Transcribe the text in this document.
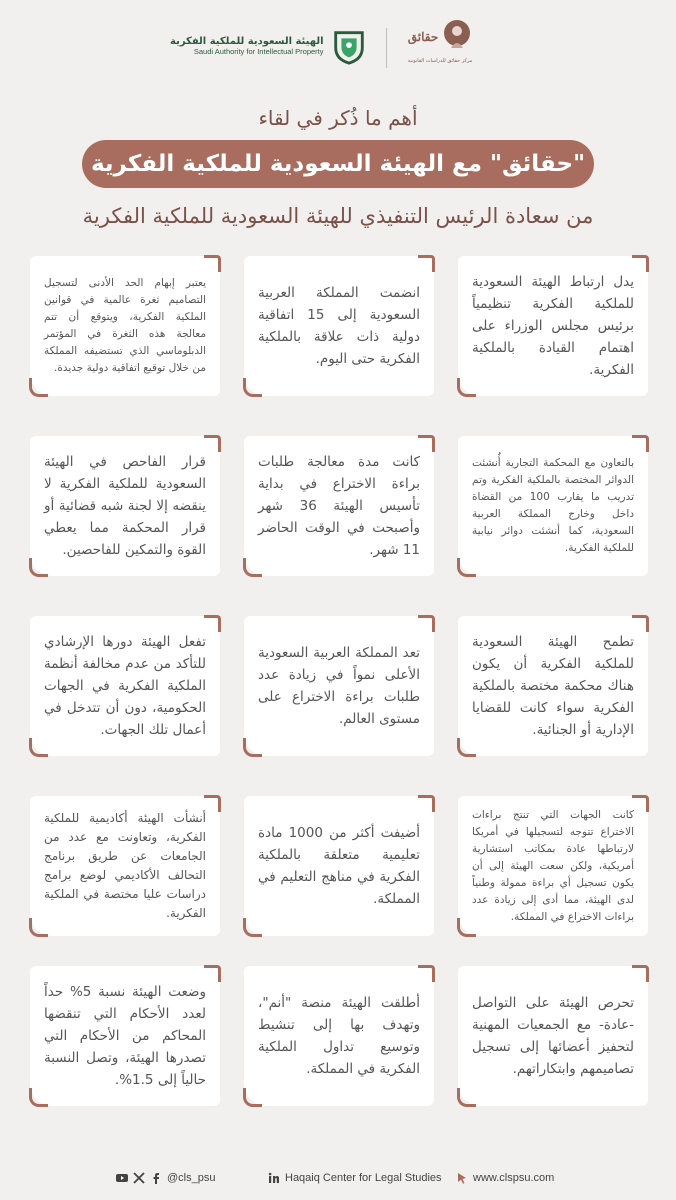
الهيئة السعودية للملكية الفكرية
Saudi Authority for Intellectual Property
حقائق
مركز حقائق للدراسات القانونية
أهم ما ذُكر في لقاء
"حقائق" مع الهيئة السعودية للملكية الفكرية
من سعادة الرئيس التنفيذي للهيئة السعودية للملكية الفكرية

يدل ارتباط الهيئة السعودية للملكية الفكرية تنظيمياً برئيس مجلس الوزراء على اهتمام القيادة بالملكية الفكرية.

انضمت المملكة العربية السعودية إلى 15 اتفاقية دولية ذات علاقة بالملكية الفكرية حتى اليوم.

يعتبر إبهام الحد الأدنى لتسجيل التصاميم ثغرة عالمية في قوانين الملكية الفكرية، ويتوقع أن تتم معالجة هذه الثغرة في المؤتمر الدبلوماسي الذي تستضيفه المملكة من خلال توقيع اتفاقية دولية جديدة.

بالتعاون مع المحكمة التجارية أُنشئت الدوائر المختصة بالملكية الفكرية وتم تدريب ما يقارب 100 من القضاة داخل وخارج المملكة العربية السعودية، كما أنشئت دوائر نيابية للملكية الفكرية.

كانت مدة معالجة طلبات براءة الاختراع في بداية تأسيس الهيئة 36 شهر وأصبحت في الوقت الحاضر 11 شهر.

قرار الفاحص في الهيئة السعودية للملكية الفكرية لا ينقضه إلا لجنة شبه قضائية أو قرار المحكمة مما يعطي القوة والتمكين للفاحصين.

تطمح الهيئة السعودية للملكية الفكرية أن يكون هناك محكمة مختصة بالملكية الفكرية سواء كانت للقضايا الإدارية أو الجنائية.

تعد المملكة العربية السعودية الأعلى نمواً في زيادة عدد طلبات براءة الاختراع على مستوى العالم.

تفعل الهيئة دورها الإرشادي للتأكد من عدم مخالفة أنظمة الملكية الفكرية في الجهات الحكومية، دون أن تتدخل في أعمال تلك الجهات.

كانت الجهات التي تنتج براءات الاختراع تتوجه لتسجيلها في أمريكا لارتباطها عادة بمكاتب استشارية أمريكية، ولكن سعت الهيئة إلى أن يكون تسجيل أي براءة ممولة وطنياً لدى الهيئة، مما أدى إلى زيادة عدد براءات الاختراع في المملكة.

أضيفت أكثر من 1000 مادة تعليمية متعلقة بالملكية الفكرية في مناهج التعليم في المملكة.

أنشأت الهيئة أكاديمية للملكية الفكرية، وتعاونت مع عدد من الجامعات عن طريق برنامج التحالف الأكاديمي لوضع برامج دراسات عليا مختصة في الملكية الفكرية.

تحرص الهيئة على التواصل -عادة- مع الجمعيات المهنية لتحفيز أعضائها إلى تسجيل تصاميمهم وابتكاراتهم.

أطلقت الهيئة منصة "أنم"، وتهدف بها إلى تنشيط وتوسيع تداول الملكية الفكرية في المملكة.

وضعت الهيئة نسبة 5% حداً لعدد الأحكام التي تنقضها المحاكم من الأحكام التي تصدرها الهيئة، وتصل النسبة حالياً إلى 1.5%.

@cls_psu	Haqaiq Center for Legal Studies	www.clspsu.com
